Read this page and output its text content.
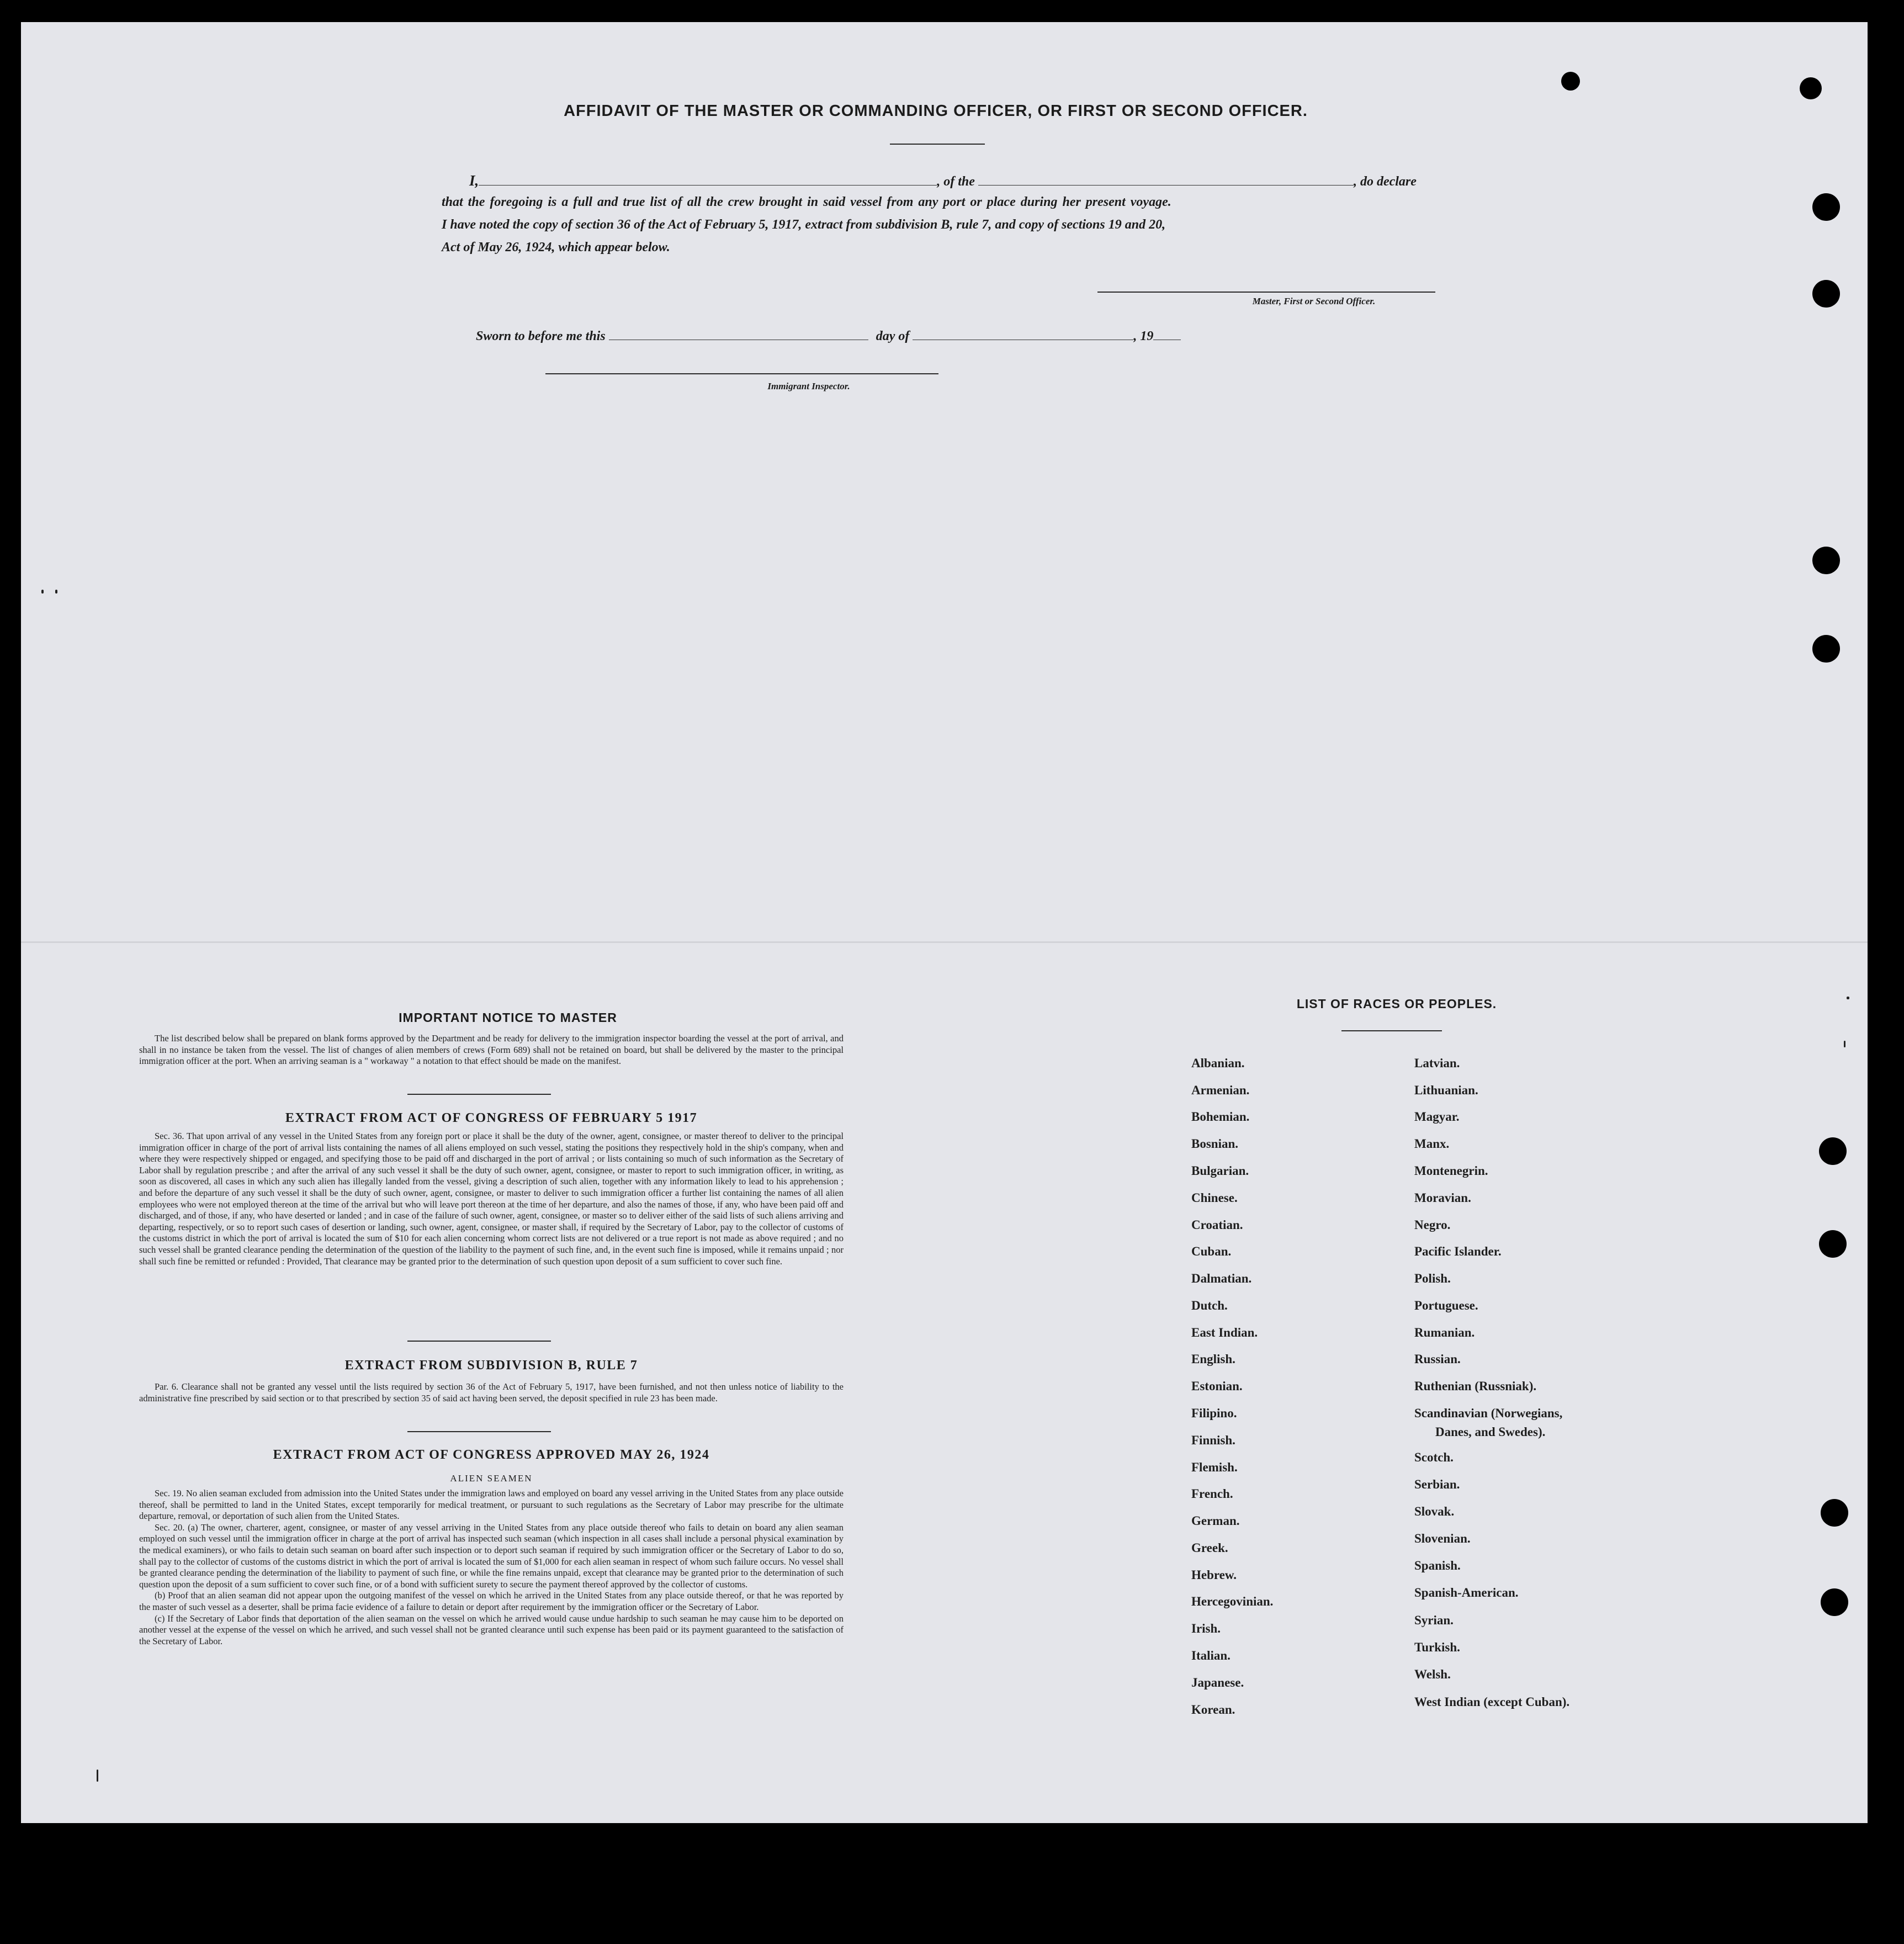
AFFIDAVIT OF THE MASTER OR COMMANDING OFFICER, OR FIRST OR SECOND OFFICER.
I,	, of the	, do declare
that the foregoing is a full and true list of all the crew brought in said vessel from any port or place during her present voyage.
I have noted the copy of section 36 of the Act of February 5, 1917, extract from subdivision B, rule 7, and copy of sections 19 and 20,
Act of May 26, 1924, which appear below.
Master, First or Second Officer.
Sworn to before me this	day of	, 19
Immigrant Inspector.
IMPORTANT NOTICE TO MASTER

The list described below shall be prepared on blank forms approved by the Department and be ready for delivery to the immigration inspector boarding the vessel at the port of arrival, and shall in no instance be taken from the vessel. The list of changes of alien members of crews (Form 689) shall not be retained on board, but shall be delivered by the master to the principal immigration officer at the port. When an arriving seaman is a " workaway " a notation to that effect should be made on the manifest.

EXTRACT FROM ACT OF CONGRESS OF FEBRUARY 5 1917

Sec. 36. That upon arrival of any vessel in the United States from any foreign port or place it shall be the duty of the owner, agent, consignee, or master thereof to deliver to the principal immigration officer in charge of the port of arrival lists containing the names of all aliens employed on such vessel, stating the positions they respectively hold in the ship's company, when and where they were respectively shipped or engaged, and specifying those to be paid off and discharged in the port of arrival ; or lists containing so much of such information as the Secretary of Labor shall by regulation prescribe ; and after the arrival of any such vessel it shall be the duty of such owner, agent, consignee, or master to report to such immigration officer, in writing, as soon as discovered, all cases in which any such alien has illegally landed from the vessel, giving a description of such alien, together with any information likely to lead to his apprehension ; and before the departure of any such vessel it shall be the duty of such owner, agent, consignee, or master to deliver to such immigration officer a further list containing the names of all alien employees who were not employed thereon at the time of the arrival but who will leave port thereon at the time of her departure, and also the names of those, if any, who have been paid off and discharged, and of those, if any, who have deserted or landed ; and in case of the failure of such owner, agent, consignee, or master so to deliver either of the said lists of such aliens arriving and departing, respectively, or so to report such cases of desertion or landing, such owner, agent, consignee, or master shall, if required by the Secretary of Labor, pay to the collector of customs of the customs district in which the port of arrival is located the sum of $10 for each alien concerning whom correct lists are not delivered or a true report is not made as above required ; and no such vessel shall be granted clearance pending the determination of the question of the liability to the payment of such fine, and, in the event such fine is imposed, while it remains unpaid ; nor shall such fine be remitted or refunded : Provided, That clearance may be granted prior to the determination of such question upon deposit of a sum sufficient to cover such fine.

EXTRACT FROM SUBDIVISION B, RULE 7

Par. 6. Clearance shall not be granted any vessel until the lists required by section 36 of the Act of February 5, 1917, have been furnished, and not then unless notice of liability to the administrative fine prescribed by said section or to that prescribed by section 35 of said act having been served, the deposit specified in rule 23 has been made.

EXTRACT FROM ACT OF CONGRESS APPROVED MAY 26, 1924
ALIEN SEAMEN

Sec. 19. No alien seaman excluded from admission into the United States under the immigration laws and employed on board any vessel arriving in the United States from any place outside thereof, shall be permitted to land in the United States, except temporarily for medical treatment, or pursuant to such regulations as the Secretary of Labor may prescribe for the ultimate departure, removal, or deportation of such alien from the United States.

Sec. 20. (a) The owner, charterer, agent, consignee, or master of any vessel arriving in the United States from any place outside thereof who fails to detain on board any alien seaman employed on such vessel until the immigration officer in charge at the port of arrival has inspected such seaman (which inspection in all cases shall include a personal physical examination by the medical examiners), or who fails to detain such seaman on board after such inspection or to deport such seaman if required by such immigration officer or the Secretary of Labor to do so, shall pay to the collector of customs of the customs district in which the port of arrival is located the sum of $1,000 for each alien seaman in respect of whom such failure occurs. No vessel shall be granted clearance pending the determination of the liability to payment of such fine, or while the fine remains unpaid, except that clearance may be granted prior to the determination of such question upon the deposit of a sum sufficient to cover such fine, or of a bond with sufficient surety to secure the payment thereof approved by the collector of customs.

(b) Proof that an alien seaman did not appear upon the outgoing manifest of the vessel on which he arrived in the United States from any place outside thereof, or that he was reported by the master of such vessel as a deserter, shall be prima facie evidence of a failure to detain or deport after requirement by the immigration officer or the Secretary of Labor.

(c) If the Secretary of Labor finds that deportation of the alien seaman on the vessel on which he arrived would cause undue hardship to such seaman he may cause him to be deported on another vessel at the expense of the vessel on which he arrived, and such vessel shall not be granted clearance until such expense has been paid or its payment guaranteed to the satisfaction of the Secretary of Labor.

LIST OF RACES OR PEOPLES.
Albanian.
Armenian.
Bohemian.
Bosnian.
Bulgarian.
Chinese.
Croatian.
Cuban.
Dalmatian.
Dutch.
East Indian.
English.
Estonian.
Filipino.
Finnish.
Flemish.
French.
German.
Greek.
Hebrew.
Hercegovinian.
Irish.
Italian.
Japanese.
Korean.
Latvian.
Lithuanian.
Magyar.
Manx.
Montenegrin.
Moravian.
Negro.
Pacific Islander.
Polish.
Portuguese.
Rumanian.
Russian.
Ruthenian (Russniak).
Scandinavian (Norwegians,
Danes, and Swedes).
Scotch.
Serbian.
Slovak.
Slovenian.
Spanish.
Spanish-American.
Syrian.
Turkish.
Welsh.
West Indian (except Cuban).
